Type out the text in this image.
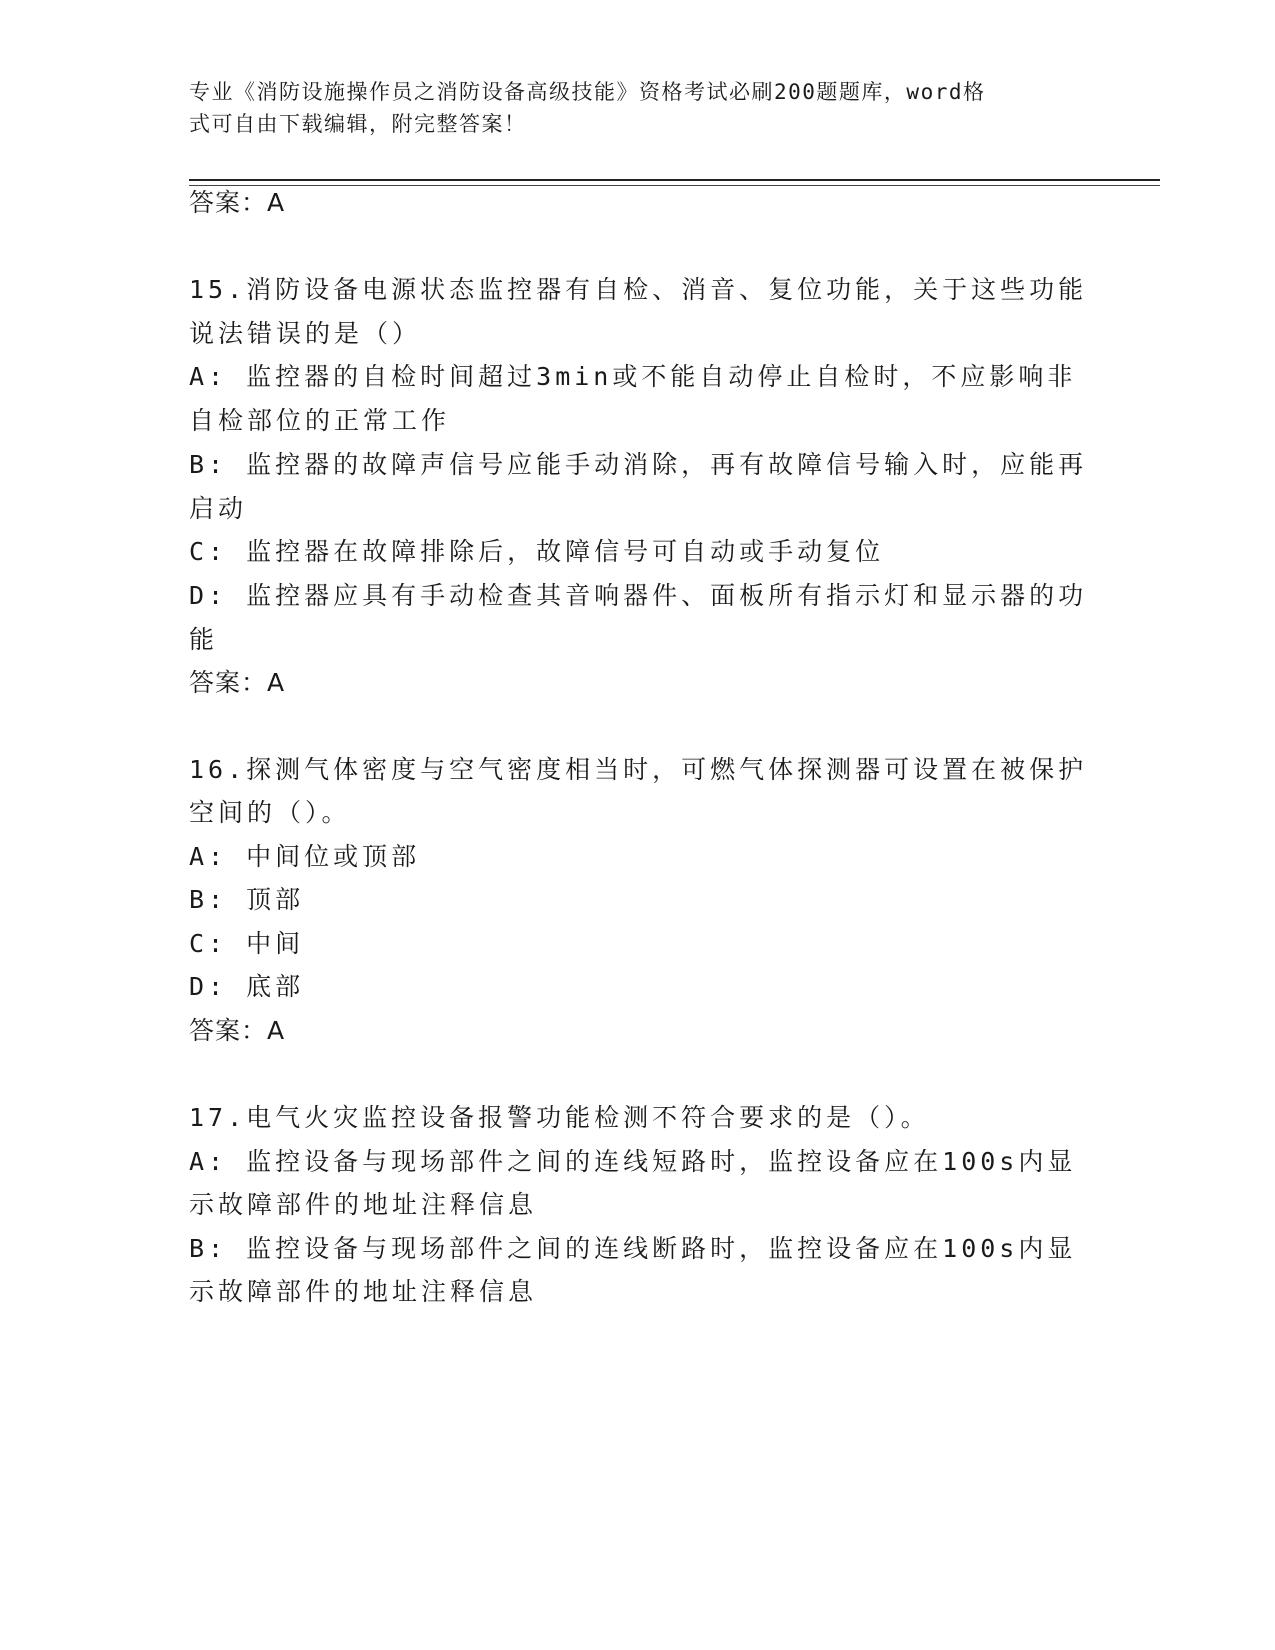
专业《消防设施操作员之消防设备高级技能》资格考试必刷200题题库，word格
式可自由下载编辑，附完整答案！
答案：A
15.消防设备电源状态监控器有自检、消音、复位功能，关于这些功能
说法错误的是（）
A: 监控器的自检时间超过3min或不能自动停止自检时，不应影响非
自检部位的正常工作
B: 监控器的故障声信号应能手动消除，再有故障信号输入时，应能再
启动
C: 监控器在故障排除后，故障信号可自动或手动复位
D: 监控器应具有手动检查其音响器件、面板所有指示灯和显示器的功
能
答案：A
16.探测气体密度与空气密度相当时，可燃气体探测器可设置在被保护
空间的（）。
A: 中间位或顶部
B: 顶部
C: 中间
D: 底部
答案：A
17.电气火灾监控设备报警功能检测不符合要求的是（）。
A: 监控设备与现场部件之间的连线短路时，监控设备应在100s内显
示故障部件的地址注释信息
B: 监控设备与现场部件之间的连线断路时，监控设备应在100s内显
示故障部件的地址注释信息
